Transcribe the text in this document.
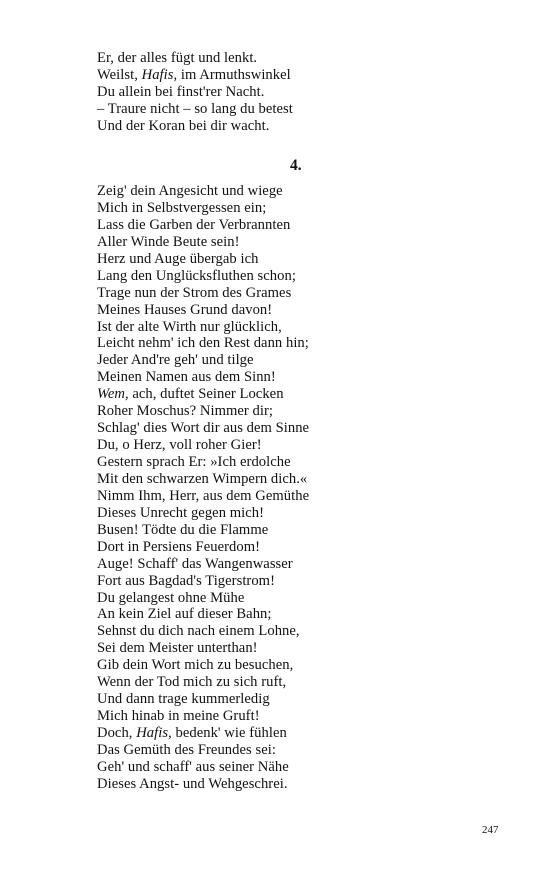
Er, der alles fügt und lenkt.
Weilst, Hafis, im Armuthswinkel
Du allein bei finst'rer Nacht.
– Traure nicht – so lang du betest
Und der Koran bei dir wacht.
4.
Zeig' dein Angesicht und wiege
Mich in Selbstvergessen ein;
Lass die Garben der Verbrannten
Aller Winde Beute sein!
Herz und Auge übergab ich
Lang den Unglücksfluthen schon;
Trage nun der Strom des Grames
Meines Hauses Grund davon!
Ist der alte Wirth nur glücklich,
Leicht nehm' ich den Rest dann hin;
Jeder And're geh' und tilge
Meinen Namen aus dem Sinn!
Wem, ach, duftet Seiner Locken
Roher Moschus? Nimmer dir;
Schlag' dies Wort dir aus dem Sinne
Du, o Herz, voll roher Gier!
Gestern sprach Er: »Ich erdolche
Mit den schwarzen Wimpern dich.«
Nimm Ihm, Herr, aus dem Gemüthe
Dieses Unrecht gegen mich!
Busen! Tödte du die Flamme
Dort in Persiens Feuerdom!
Auge! Schaff' das Wangenwasser
Fort aus Bagdad's Tigerstrom!
Du gelangest ohne Mühe
An kein Ziel auf dieser Bahn;
Sehnst du dich nach einem Lohne,
Sei dem Meister unterthan!
Gib dein Wort mich zu besuchen,
Wenn der Tod mich zu sich ruft,
Und dann trage kummerledig
Mich hinab in meine Gruft!
Doch, Hafis, bedenk' wie fühlen
Das Gemüth des Freundes sei:
Geh' und schaff' aus seiner Nähe
Dieses Angst- und Wehgeschrei.
247
